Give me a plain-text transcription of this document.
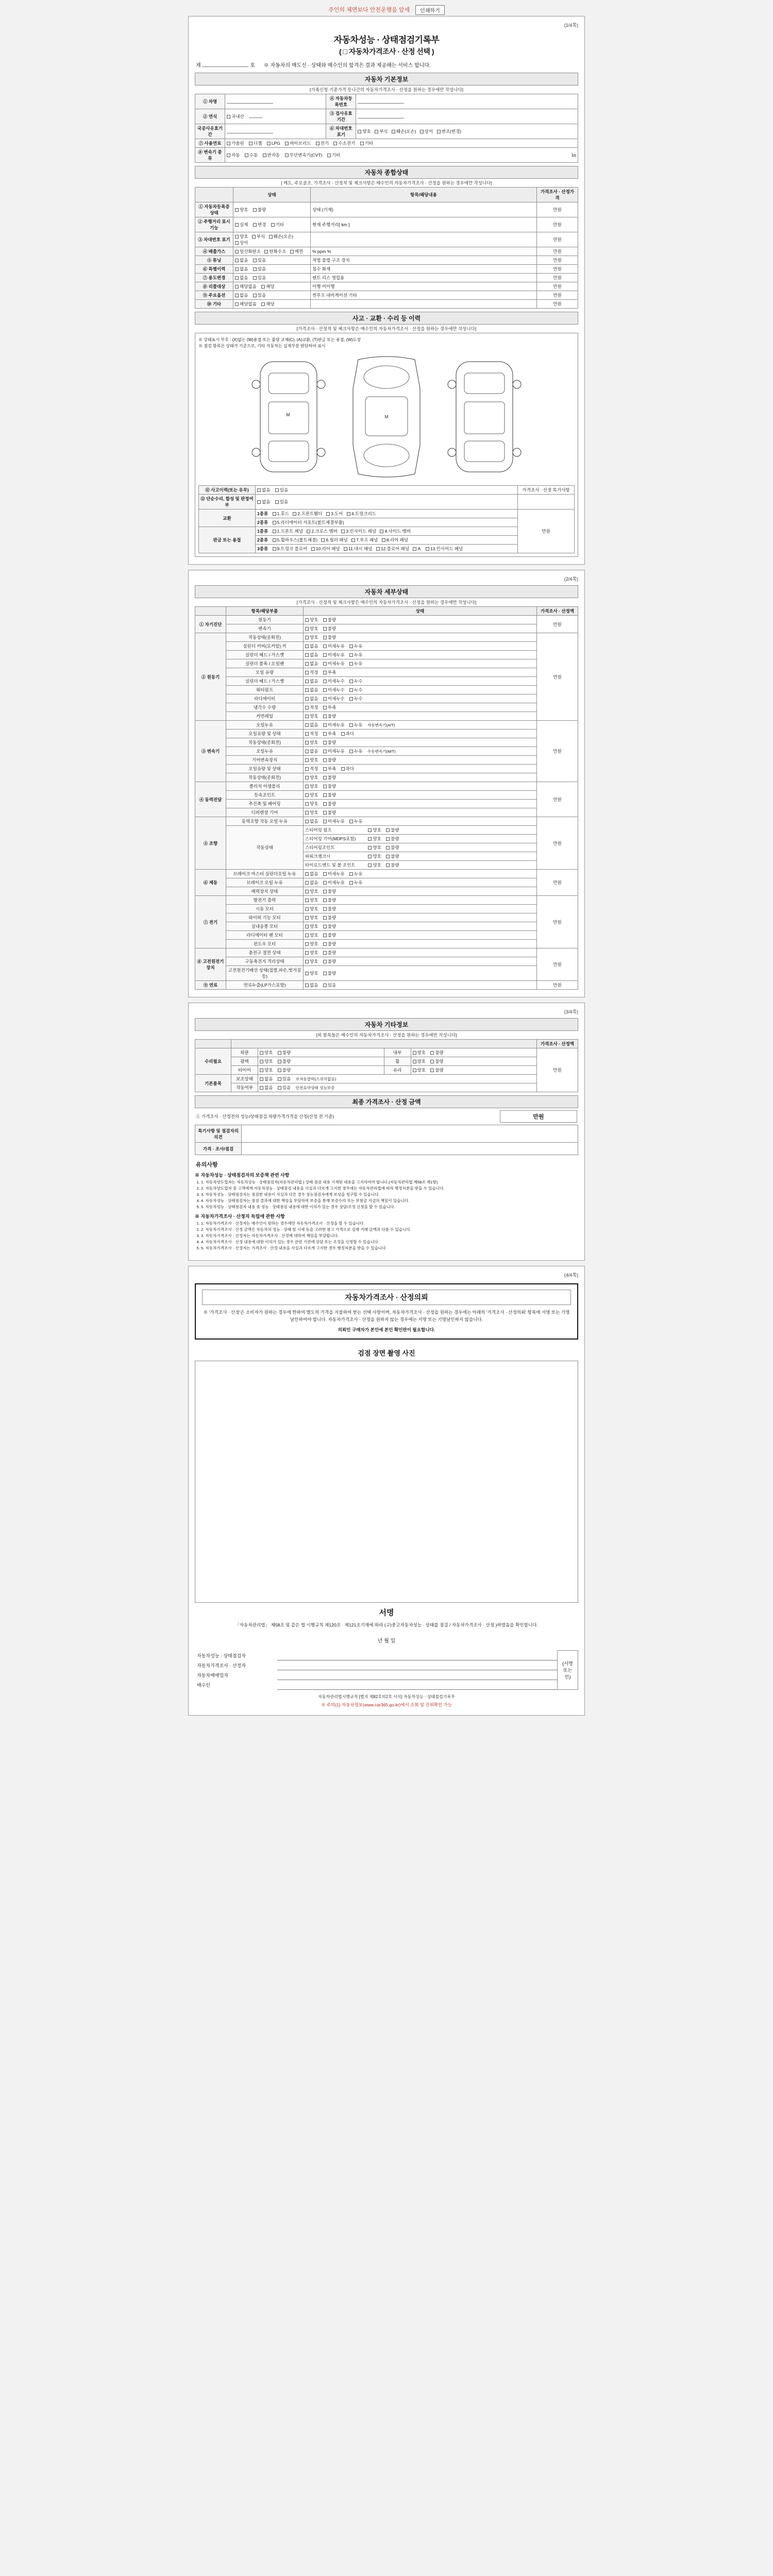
주인의 체면보다 안전운행을 앞세 인쇄하기
(1/4쪽)
자동차성능 · 상태점검기록부
( □ 자동차가격조사 · 산정 선택 )
제	호 ※ 자동차의 매도신 · 상태와 매수인의 합격은 결과 제공해는 서비스 합니다.
자동차 기본정보
[가족신청·기준가격 등나간의 자동차가격조사 · 산정을 원하는 경우에만 작성니다]
① 차명		④ 자동차등록번호	
② 연식	국내산	③ 검사유효기간	
국공사유효기간		⑥ 차대번호 표기	양호 부식 훼손(오손) 상이 변조(변경)
⑦ 사용연료	가솔린 디젤 LPG 하이브리드 전기 수소전기 기타		
⑧ 변속기 종류	자동 수동 반자동 무단변속기(CVT) 기타 ㎞		
자동차 종합상태
[ 매도, 주요골조, 가격조사 · 산정적 및 체크사항은 매수인의 자동차가격조사 · 산정을 원하는 경우에만 작성니다]
	상태	항목/해당내용	가격조사 · 산정가격
① 자동차등록증 상태	양호 불량	상태 (기재)	만원
② 주행거리 표시기능	실제 변경 기타	현재 주행거리[ km ]	만원
③ 차대번호 표기	양호 부식 훼손(오손) 상이		만원
④ 배출가스	일산화탄소 탄화수소 매연	% ppm %	만원
⑤ 튜닝	없음 있음	적법 불법 구조 장치	만원
⑥ 특별이력	없음 있음	침수 화재	만원
⑦ 용도변경	없음 있음	렌트 리스 영업용	만원
⑧ 리콜대상	해당없음 해당	이행 미이행	만원
⑨ 주요옵션	없음 있음	썬루프 내비게이션 기타	만원
⑩ 기타	해당없음 해당		만원
사고 · 교환 · 수리 등 이력
[가격조사 · 산정적 및 체크사항은 매수인의 자동차가격조사 · 산정을 원하는 경우에만 작성니다]
※ 상태표시 부호 : (X)없는 (W)용접 또는 불량 교체(C), (A)교환, (T)판금 또는 용접, (W)도장
※ 점검 항목은 상태가 기준으로, 기타 자동차는 실제부분 판단하여 표시
M	M
⑪ 사고이력(또는 유무)	없음 있음	가격조사 · 산정 특기사항
⑫ 단순수리, 합성 및 판정여부	없음 있음	
교환	1종류 1.후드 2.프론트휀더 3.도어 4.트렁크리드	만원
	2종류 5.라디에이터 서포트(볼트체결부품)	
판금 또는 용접	1종류 1.프론트 패널 2.크로스 멤버 3.인사이드 패널 4.사이드 멤버	
	2종류 5.휠하우스(볼트체결) 6.필러 패널 7.루프 패널 8.리어 패널	
	3종류 9.트렁크 플로어 10.리어 패널 11.대시 패널 12.플로어 패널 A. 13.인사이드 패널	
(2/4쪽)
자동차 세부상태
[가격조사 · 산정적 및 체크사항은 매수인의 자동차가격조사 · 산정을 원하는 경우에만 작성니다]
	항목/해당부품	상태	가격조사 · 산정액
① 자기진단	원동기	양호 불량	만원
	변속기	양호 불량	
② 원동기	작동상태(공회전)	양호 불량	만원
	실린더 커버(로커암) 커	없음 미세누유 누유	
	실린더 헤드 / 가스켓	없음 미세누유 누유	
	실린더 블록 / 오일팬	없음 미세누유 누유	
	오일 유량	적정 부족	
	실린더 헤드 / 가스켓	없음 미세누수 누수	
	워터펌프	없음 미세누수 누수	
	라디에이터	없음 미세누수 누수	
	냉각수 수량	적정 부족	
	커먼레일	양호 불량	
③ 변속기	오일누유	없음 미세누유 누유 자동변속기(A/T)	만원
	오일유량 및 상태	적정 부족 과다	
	작동상태(공회전)	양호 불량	
	오일누유	없음 미세누유 누유 수동변속기(M/T)	
	기어변속장치	양호 불량	
	오일유량 및 상태	적정 부족 과다	
	작동상태(공회전)	양호 불량	
④ 동력전달	클러치 어셈블리	양호 불량	만원
	등속조인트	양호 불량	
	추진축 및 베어링	양호 불량	
	디퍼렌셜 기어	양호 불량	
⑤ 조향	동력조향 작동 오일 누유	없음 미세누유 누유	만원
	작동상태	스티어링 펌프 양호 불량	
		스티어링 기어(MDPS포함) 양호 불량	
		스티어링조인트 양호 불량	
		파워크랭크시 양호 불량	
		타이로드엔드 및 볼 조인트 양호 불량	
⑥ 제동	브레이크 마스터 실린더오일 누유	없음 미세누유 누유	만원
	브레이크 오일 누유	없음 미세누유 누유	
	배력장치 상태	양호 불량	
⑦ 전기	발전기 출력	양호 불량	만원
	시동 모터	양호 불량	
	와이퍼 기능 모터	양호 불량	
	실내송풍 모터	양호 불량	
	라디에이터 팬 모터	양호 불량	
	윈도우 모터	양호 불량	
⑧ 고전원전기장치	충전구 절연 상태	양호 불량	만원
	구동축전지 격리상태	양호 불량	
	고전원전기배선 상태(접열,파손,벗겨짐 등)	양호 불량	
⑨ 연료	연료누출(LP가스포함)	없음 있음	만원
(3/4쪽)
자동차 기타정보
[외 항목들은 매수인의 자동차가격조사 · 산정을 원하는 경우에만 작성니다]
					가격조사 · 산정액
수리필요	외판	양호 불량	내부	양호 불량	만원
	광택	양호 불량	휠	양호 불량	
	타이어	양호 불량	유리	양호 불량	
기본품목	보조상태	없음 있음 ※자동클락(스위치없음)			
	작동여부	없음 있음 안전요약상태 성능보증			
최종 가격조사 · 산정 금액
① 가격조사 · 산정전의 성능/상태점검 차량가격가격을 산정(산정 전 기준)	만원
특기사항 및 점검자의 의견	
가격 · 조사/점검	
유의사항
※ 자동차성능 · 상태점검자의 보증책 관련 사항
1. 1. 자동차양도업자는 자동차성능 · 상태점검자(자동차관리법 ) 상태 점검 내용 기재된 내용을 고지하여야 합니다.(자동차관리법 제58조 제1항)
2. 2. 자동차양도업자 중 고객에게 자동차성능 · 상태점검 내용을 사실과 다르게 고지한 경우에는 자동차관리법에 따라 행정처분을 받을 수 있습니다.
3. 3. 자동차성능 · 상태점검자는 점검한 내용이 사실과 다른 경우 성능점검자에게 보상을 청구할 수 있습니다.
4. 4. 자동차성능 · 상태점검자는 점검 결과에 대한 책임을 부담하며 보증을 통해 보증수리 또는 보험금 지급의 책임이 있습니다.
5. 5. 자동차성능 · 상태점검자 내용 중 성능 · 상태점검 내용에 대한 이의가 있는 경우 상담/조정 신청을 할 수 있습니다.
※ 자동차가격조사 · 산정자 독립에 관한 사항
1. 1. 자동차가격조사 · 산정자는 매수인이 원하는 경우에만 자동차가격조사 · 산정을 할 수 있습니다.
2. 2. 자동차가격조사 · 산정 금액은 자동차의 성능 · 상태 및 시세 등을 고려한 참고 가격으로 실제 거래 금액과 다를 수 있습니다.
3. 3. 자동차가격조사 · 산정자는 자동차가격조사 · 산정에 대하여 책임을 부담합니다.
4. 4. 자동차가격조사 · 산정 내용에 대한 이의가 있는 경우 관련 기관에 상담 또는 조정을 신청할 수 있습니다.
5. 5. 자동차가격조사 · 산정자는 가격조사 · 산정 내용을 사실과 다르게 고지한 경우 행정처분을 받을 수 있습니다.
(4/4쪽)
자동차가격조사 · 산정의뢰
※ '가격조사 · 산정'은 소비자가 원하는 경우에 한하여 별도의 가격을 지불하여 받는 선택 사항이며, 자동차가격조사 · 산정을 원하는 경우에는 아래의 '가격조사 · 산정의뢰' 항목에 서명 또는 기명날인하여야 합니다. 자동차가격조사 · 산정을 원하지 않는 경우에는 서명 또는 기명날인하지 않습니다.
의뢰인 구매자가 본인에 본인 확인란이 필요합니다.
검점 장면 촬영 사진
서명
「자동차관리법」 제58조 및 같은 법 시행규칙 제120조 · 제121조기재에 따라 (구)중고자동차성능 · 상태를 점검 / 자동차가격조사 · 산정 )하였음을 확인합니다.
년 월 일
자동차성능 · 상태점검자		(서명 또는 인)
자동차가격조사 · 산정자		
자동차매매업자		
매수인		
자동차관리법시행규칙 [별지 제82호의2호 서식] 자동차성능 · 상태점검기록부
※ 주의(1) 자동차정보(www.car365.go.kr)에서 조회 및 진위확인 가능
